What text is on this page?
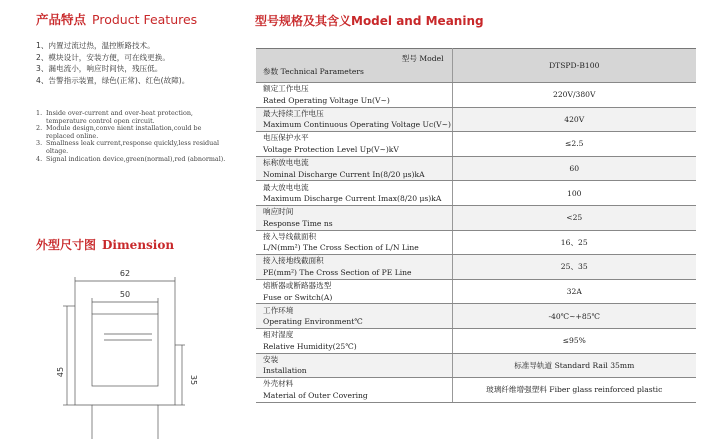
产品特点 Product Features
1、内置过流过热，温控断路技术。
2、模块设计，安装方便，可在线更换。
3、漏电流小，响应时间快，残压低。
4、告警指示装置，绿色(正常)、红色(故障)。
1. Inside over-current and over-heat protection, temperature control open circuit.
2. Module design,conve nient installation,could be replaced online.
3. Smallness leak current,response quickly,less residual oltage.
4. Signal indication device,green(normal),red (abnormal).
外型尺寸图 Dimension
62
50
45
35
型号规格及其含义Model and Meaning
型号 Model
参数 Technical Parameters	DTSPD-B100

额定工作电压
Rated Operating Voltage Un(V~)	220V/380V

最大持续工作电压
Maximum Continuous Operating Voltage Uc(V~)	420V

电压保护水平
Voltage Protection Level Up(V~)kV	≤2.5

标称放电电流
Nominal Discharge Current In(8/20 μs)kA	60

最大放电电流
Maximum Discharge Current Imax(8/20 μs)kA	100

响应时间
Response Time ns	<25

接入导线截面积
L/N(mm²) The Cross Section of L/N Line	16、25

接入接地线截面积
PE(mm²) The Cross Section of PE Line	25、35

熔断器或断路器选型
Fuse or Switch(A)	32A

工作环境
Operating Environment℃	-40℃~+85℃

相对湿度
Relative Humidity(25℃)	≤95%

安装
Installation	标准导轨道 Standard Rail 35mm

外壳材料
Material of Outer Covering	玻璃纤维增强塑料 Fiber glass reinforced plastic
